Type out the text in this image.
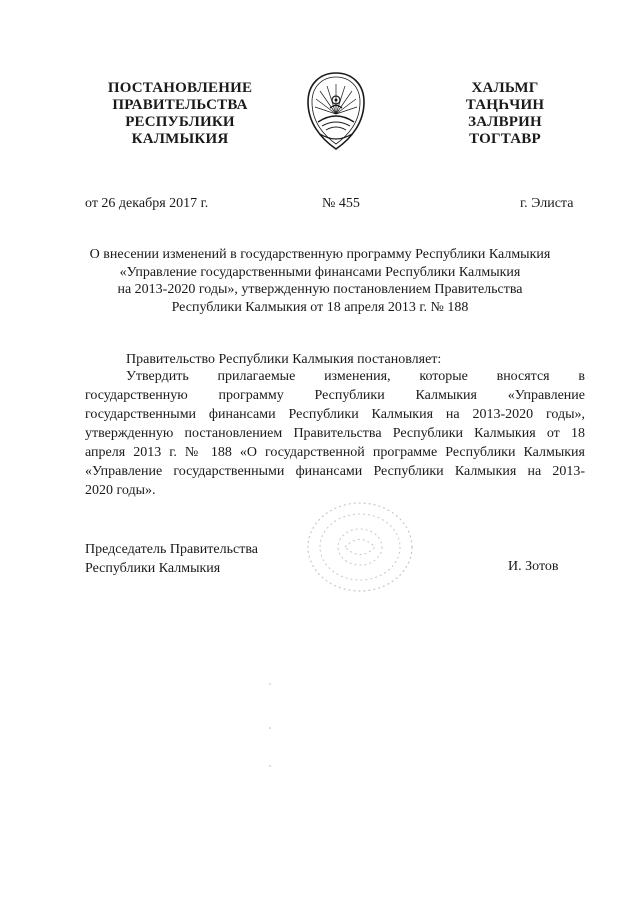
ПОСТАНОВЛЕНИЕ
ПРАВИТЕЛЬСТВА
РЕСПУБЛИКИ
КАЛМЫКИЯ
ХАЛЬМГ
ТАҢҺЧИН
ЗАЛВРИН
ТОГТАВР
от 26 декабря 2017 г.	№ 455	г. Элиста
О внесении изменений в государственную программу Республики Калмыкия
«Управление государственными финансами Республики Калмыкия
на 2013-2020 годы», утвержденную постановлением Правительства
Республики Калмыкия от 18 апреля 2013 г. № 188
Правительство Республики Калмыкия постановляет:
Утвердить прилагаемые изменения, которые вносятся в
государственную программу Республики Калмыкия «Управление
государственными финансами Республики Калмыкия на 2013-2020 годы»,
утвержденную постановлением Правительства Республики Калмыкия от 18
апреля 2013 г. № 188 «О государственной программе Республики Калмыкия
«Управление государственными финансами Республики Калмыкия на 2013-
2020 годы».
Председатель Правительства
Республики Калмыкия	И. Зотов
